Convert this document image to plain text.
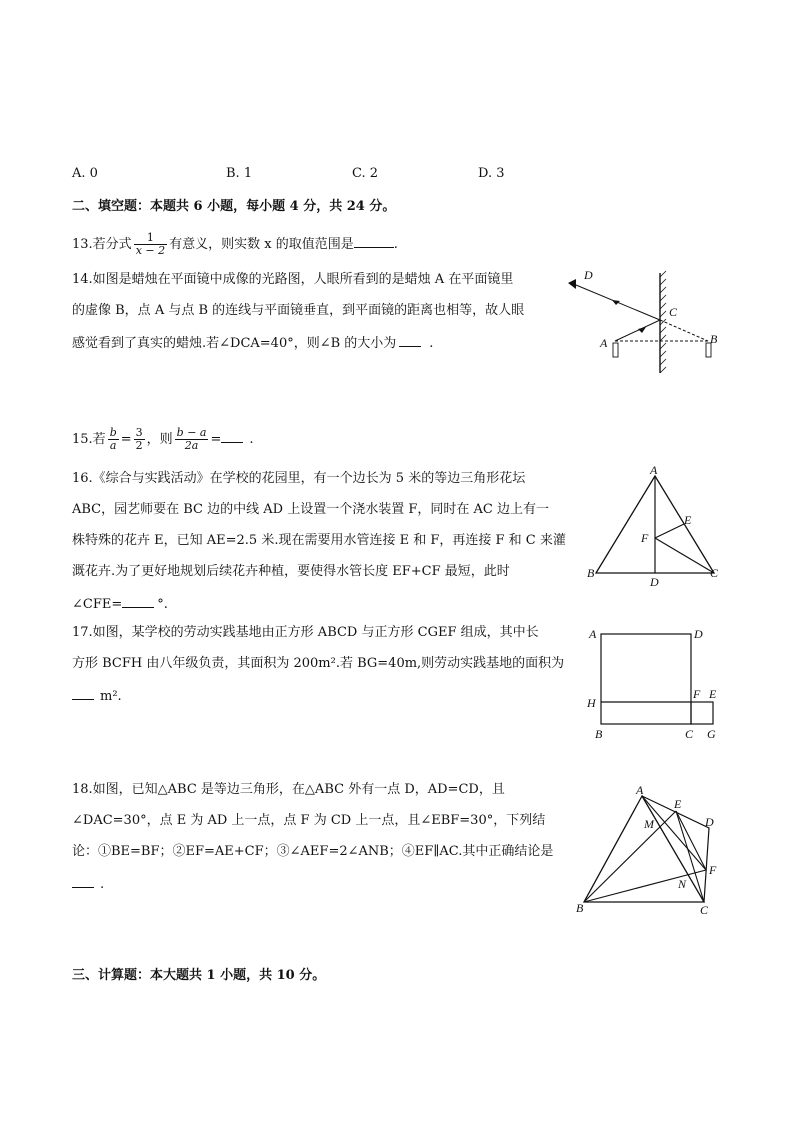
A. 0	B. 1	C. 2	D. 3
二、填空题：本题共 6 小题，每小题 4 分，共 24 分。
13.若分式 $\frac{1}{x - 2}$ 有意义，则实数 x 的取值范围是	.
14.如图是蜡烛在平面镜中成像的光路图，人眼所看到的是蜡烛 A 在平面镜里
的虚像 B，点 A 与点 B 的连线与平面镜垂直，到平面镜的距离也相等，故人眼
感觉看到了真实的蜡烛.若∠DCA=40°，则∠B 的大小为	.
D
C
A	B
15.若 $\frac{b}{a} = \frac{3}{2}$ ，则 $\frac{b - a}{2a}$ = .
16.《综合与实践活动》在学校的花园里，有一个边长为 5 米的等边三角形花坛
ABC，园艺师要在 BC 边的中线 AD 上设置一个浇水装置 F，同时在 AC 边上有一
株特殊的花卉 E，已知 AE=2.5 米.现在需要用水管连接 E 和 F，再连接 F 和 C 来灌
溉花卉.为了更好地规划后续花卉种植，要使得水管长度 EF+CF 最短，此时
∠CFE=	°.
A
B	C
D
E
F
17.如图，某学校的劳动实践基地由正方形 ABCD 与正方形 CGEF 组成，其中长
方形 BCFH 由八年级负责，其面积为 200m².若 BG=40m,则劳动实践基地的面积为
m².
A	D
H
F E
B	C G
18.如图，已知△ABC 是等边三角形，在△ABC 外有一点 D，AD=CD，且
∠DAC=30°，点 E 为 AD 上一点，点 F 为 CD 上一点，且∠EBF=30°，下列结
论：①BE=BF；②EF=AE+CF；③∠AEF=2∠ANB；④EF∥AC.其中正确结论是
.
A
E
D
M
F
N
B	C
三、计算题：本大题共 1 小题，共 10 分。
